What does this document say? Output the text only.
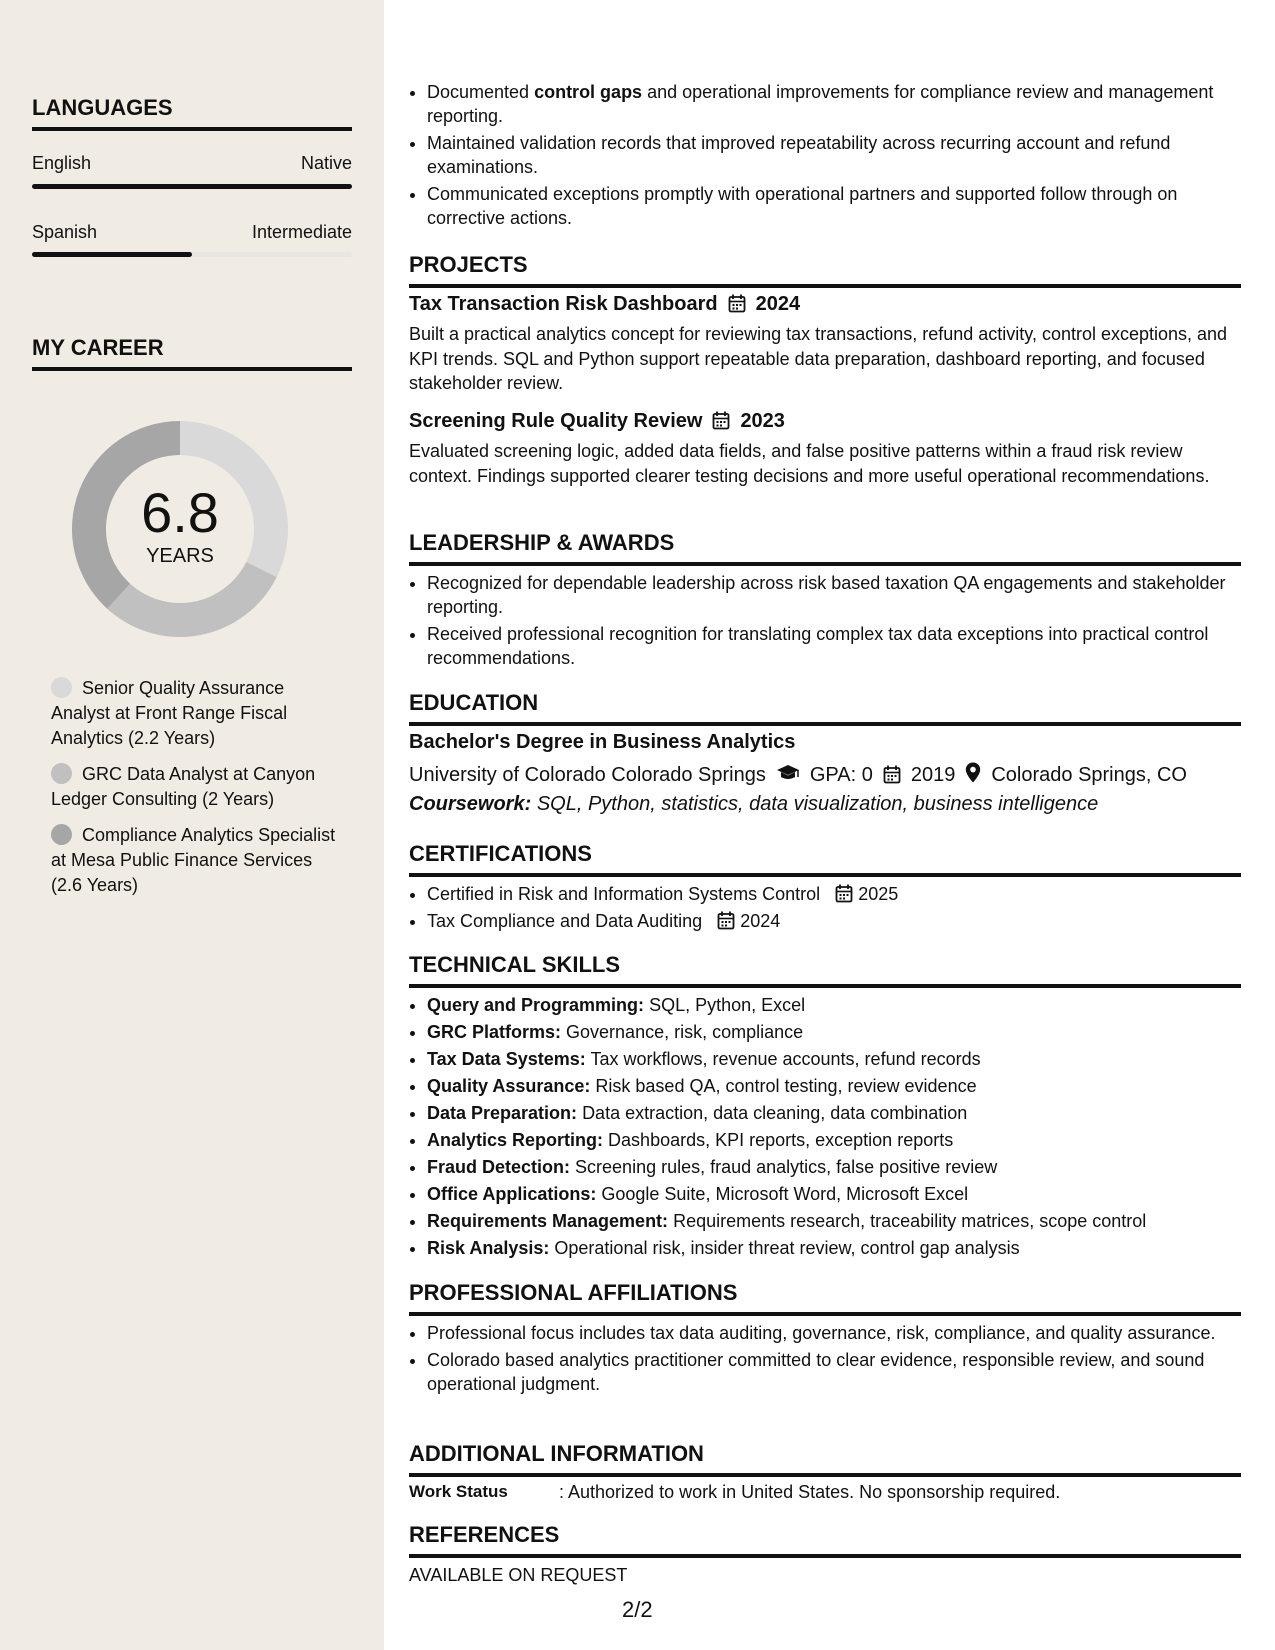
LANGUAGES
English	Native
Spanish	Intermediate
MY CAREER
6.8
YEARS
Senior Quality Assurance Analyst at Front Range Fiscal Analytics (2.2 Years)
GRC Data Analyst at Canyon Ledger Consulting (2 Years)
Compliance Analytics Specialist at Mesa Public Finance Services (2.6 Years)
• Documented control gaps and operational improvements for compliance review and management reporting.
• Maintained validation records that improved repeatability across recurring account and refund examinations.
• Communicated exceptions promptly with operational partners and supported follow through on corrective actions.
PROJECTS
Tax Transaction Risk Dashboard 2024
Built a practical analytics concept for reviewing tax transactions, refund activity, control exceptions, and KPI trends. SQL and Python support repeatable data preparation, dashboard reporting, and focused stakeholder review.
Screening Rule Quality Review 2023
Evaluated screening logic, added data fields, and false positive patterns within a fraud risk review context. Findings supported clearer testing decisions and more useful operational recommendations.
LEADERSHIP & AWARDS
• Recognized for dependable leadership across risk based taxation QA engagements and stakeholder reporting.
• Received professional recognition for translating complex tax data exceptions into practical control recommendations.
EDUCATION
Bachelor's Degree in Business Analytics
University of Colorado Colorado Springs GPA: 0 2019 Colorado Springs, CO
Coursework: SQL, Python, statistics, data visualization, business intelligence
CERTIFICATIONS
• Certified in Risk and Information Systems Control 2025
• Tax Compliance and Data Auditing 2024
TECHNICAL SKILLS
• Query and Programming: SQL, Python, Excel
• GRC Platforms: Governance, risk, compliance
• Tax Data Systems: Tax workflows, revenue accounts, refund records
• Quality Assurance: Risk based QA, control testing, review evidence
• Data Preparation: Data extraction, data cleaning, data combination
• Analytics Reporting: Dashboards, KPI reports, exception reports
• Fraud Detection: Screening rules, fraud analytics, false positive review
• Office Applications: Google Suite, Microsoft Word, Microsoft Excel
• Requirements Management: Requirements research, traceability matrices, scope control
• Risk Analysis: Operational risk, insider threat review, control gap analysis
PROFESSIONAL AFFILIATIONS
• Professional focus includes tax data auditing, governance, risk, compliance, and quality assurance.
• Colorado based analytics practitioner committed to clear evidence, responsible review, and sound operational judgment.
ADDITIONAL INFORMATION
Work Status	: Authorized to work in United States. No sponsorship required.
REFERENCES
AVAILABLE ON REQUEST
2/2
